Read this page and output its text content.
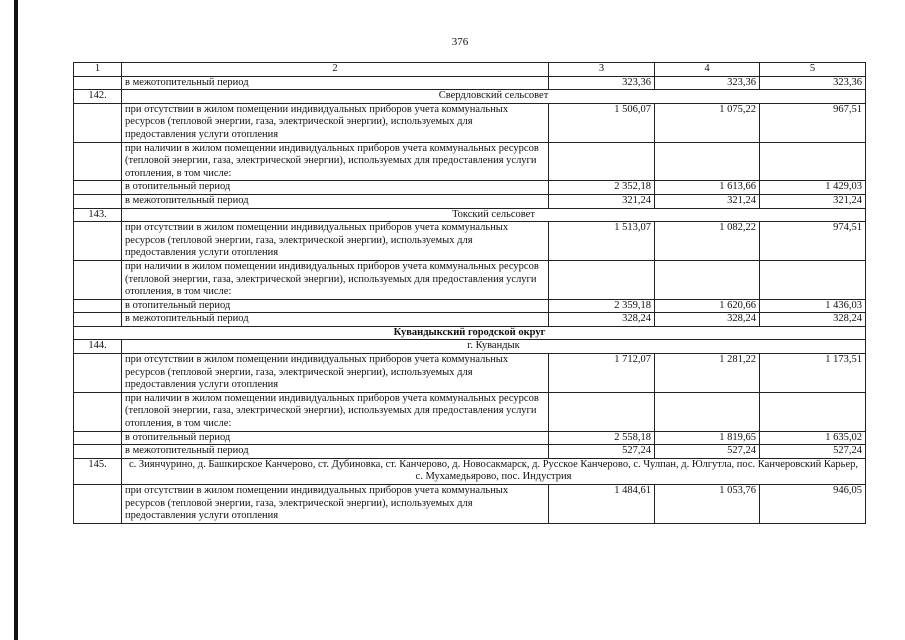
376
1	2	3	4	5
	в межотопительный период	323,36	323,36	323,36
142.	Свердловский сельсовет			
	при отсутствии в жилом помещении индивидуальных приборов учета коммунальных ресурсов (тепловой энергии, газа, электрической энергии), используемых для предоставления услуги отопления	1 506,07	1 075,22	967,51
	при наличии в жилом помещении индивидуальных приборов учета коммунальных ресурсов (тепловой энергии, газа, электрической энергии), используемых для предоставления услуги отопления, в том числе:			
	в отопительный период	2 352,18	1 613,66	1 429,03
	в межотопительный период	321,24	321,24	321,24
143.	Токский сельсовет			
	при отсутствии в жилом помещении индивидуальных приборов учета коммунальных ресурсов (тепловой энергии, газа, электрической энергии), используемых для предоставления услуги отопления	1 513,07	1 082,22	974,51
	при наличии в жилом помещении индивидуальных приборов учета коммунальных ресурсов (тепловой энергии, газа, электрической энергии), используемых для предоставления услуги отопления, в том числе:			
	в отопительный период	2 359,18	1 620,66	1 436,03
	в межотопительный период	328,24	328,24	328,24
Кувандыкский городской округ				
144.	г. Кувандык			
	при отсутствии в жилом помещении индивидуальных приборов учета коммунальных ресурсов (тепловой энергии, газа, электрической энергии), используемых для предоставления услуги отопления	1 712,07	1 281,22	1 173,51
	при наличии в жилом помещении индивидуальных приборов учета коммунальных ресурсов (тепловой энергии, газа, электрической энергии), используемых для предоставления услуги отопления, в том числе:			
	в отопительный период	2 558,18	1 819,65	1 635,02
	в межотопительный период	527,24	527,24	527,24
145.	с. Зиянчурино, д. Башкирское Канчерово, ст. Дубиновка, ст. Канчерово, д. Новосакмарск, д. Русское Канчерово, с. Чулпан, д. Юлгутла, пос. Канчеровский Карьер, с. Мухамедьярово, пос. Индустрия			
	при отсутствии в жилом помещении индивидуальных приборов учета коммунальных ресурсов (тепловой энергии, газа, электрической энергии), используемых для предоставления услуги отопления	1 484,61	1 053,76	946,05
